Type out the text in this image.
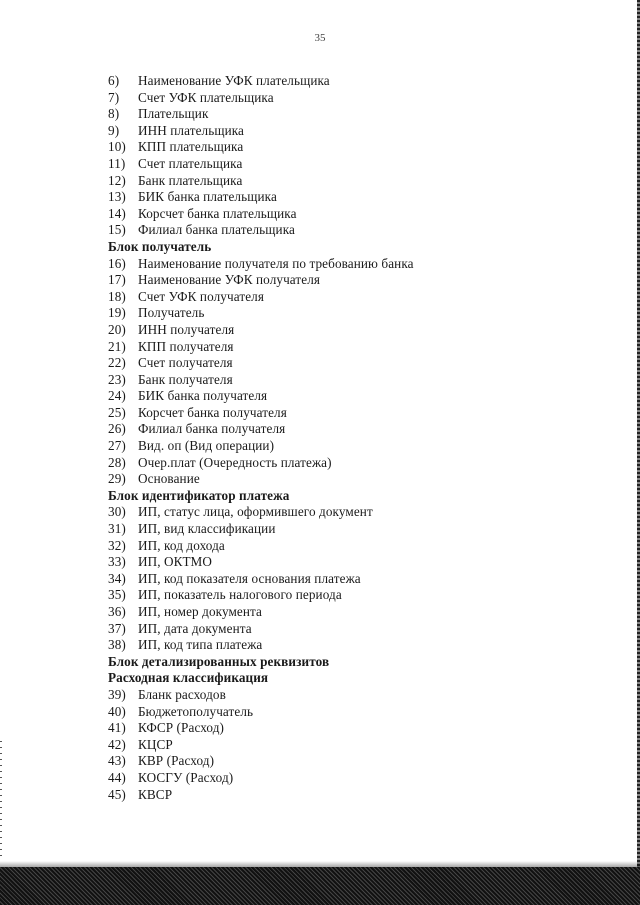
35
6) Наименование УФК плательщика
7) Счет УФК плательщика
8) Плательщик
9) ИНН плательщика
10) КПП плательщика
11) Счет плательщика
12) Банк плательщика
13) БИК банка плательщика
14) Корсчет банка плательщика
15) Филиал банка плательщика
Блок получатель
16) Наименование получателя по требованию банка
17) Наименование УФК получателя
18) Счет УФК получателя
19) Получатель
20) ИНН получателя
21) КПП получателя
22) Счет получателя
23) Банк получателя
24) БИК банка получателя
25) Корсчет банка получателя
26) Филиал банка получателя
27) Вид. оп (Вид операции)
28) Очер.плат (Очередность платежа)
29) Основание
Блок идентификатор платежа
30) ИП, статус лица, оформившего документ
31) ИП, вид классификации
32) ИП, код дохода
33) ИП, ОКТМО
34) ИП, код показателя основания платежа
35) ИП, показатель налогового периода
36) ИП, номер документа
37) ИП, дата документа
38) ИП, код типа платежа
Блок детализированных реквизитов
Расходная классификация
39) Бланк расходов
40) Бюджетополучатель
41) КФСР (Расход)
42) КЦСР
43) КВР (Расход)
44) КОСГУ (Расход)
45) КВСР
